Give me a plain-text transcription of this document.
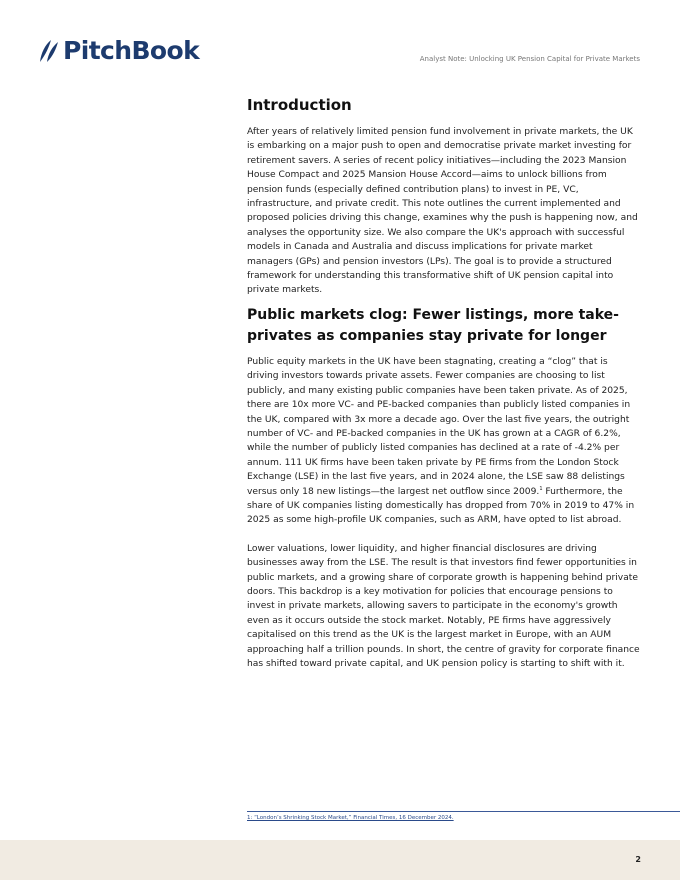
PitchBook	Analyst Note: Unlocking UK Pension Capital for Private Markets
Introduction

After years of relatively limited pension fund involvement in private markets, the UK is embarking on a major push to open and democratise private market investing for retirement savers. A series of recent policy initiatives—including the 2023 Mansion House Compact and 2025 Mansion House Accord—aims to unlock billions from pension funds (especially defined contribution plans) to invest in PE, VC, infrastructure, and private credit. This note outlines the current implemented and proposed policies driving this change, examines why the push is happening now, and analyses the opportunity size. We also compare the UK's approach with successful models in Canada and Australia and discuss implications for private market managers (GPs) and pension investors (LPs). The goal is to provide a structured framework for understanding this transformative shift of UK pension capital into private markets.

Public markets clog: Fewer listings, more take-privates as companies stay private for longer

Public equity markets in the UK have been stagnating, creating a “clog” that is driving investors towards private assets. Fewer companies are choosing to list publicly, and many existing public companies have been taken private. As of 2025, there are 10x more VC- and PE-backed companies than publicly listed companies in the UK, compared with 3x more a decade ago. Over the last five years, the outright number of VC- and PE-backed companies in the UK has grown at a CAGR of 6.2%, while the number of publicly listed companies has declined at a rate of -4.2% per annum. 111 UK firms have been taken private by PE firms from the London Stock Exchange (LSE) in the last five years, and in 2024 alone, the LSE saw 88 delistings versus only 18 new listings—the largest net outflow since 2009.$^1$ Furthermore, the share of UK companies listing domestically has dropped from 70% in 2019 to 47% in 2025 as some high-profile UK companies, such as ARM, have opted to list abroad.

Lower valuations, lower liquidity, and higher financial disclosures are driving businesses away from the LSE. The result is that investors find fewer opportunities in public markets, and a growing share of corporate growth is happening behind private doors. This backdrop is a key motivation for policies that encourage pensions to invest in private markets, allowing savers to participate in the economy's growth even as it occurs outside the stock market. Notably, PE firms have aggressively capitalised on this trend as the UK is the largest market in Europe, with an AUM approaching half a trillion pounds. In short, the centre of gravity for corporate finance has shifted toward private capital, and UK pension policy is starting to shift with it.

1: “London’s Shrinking Stock Market,” Financial Times, 16 December 2024.
2
